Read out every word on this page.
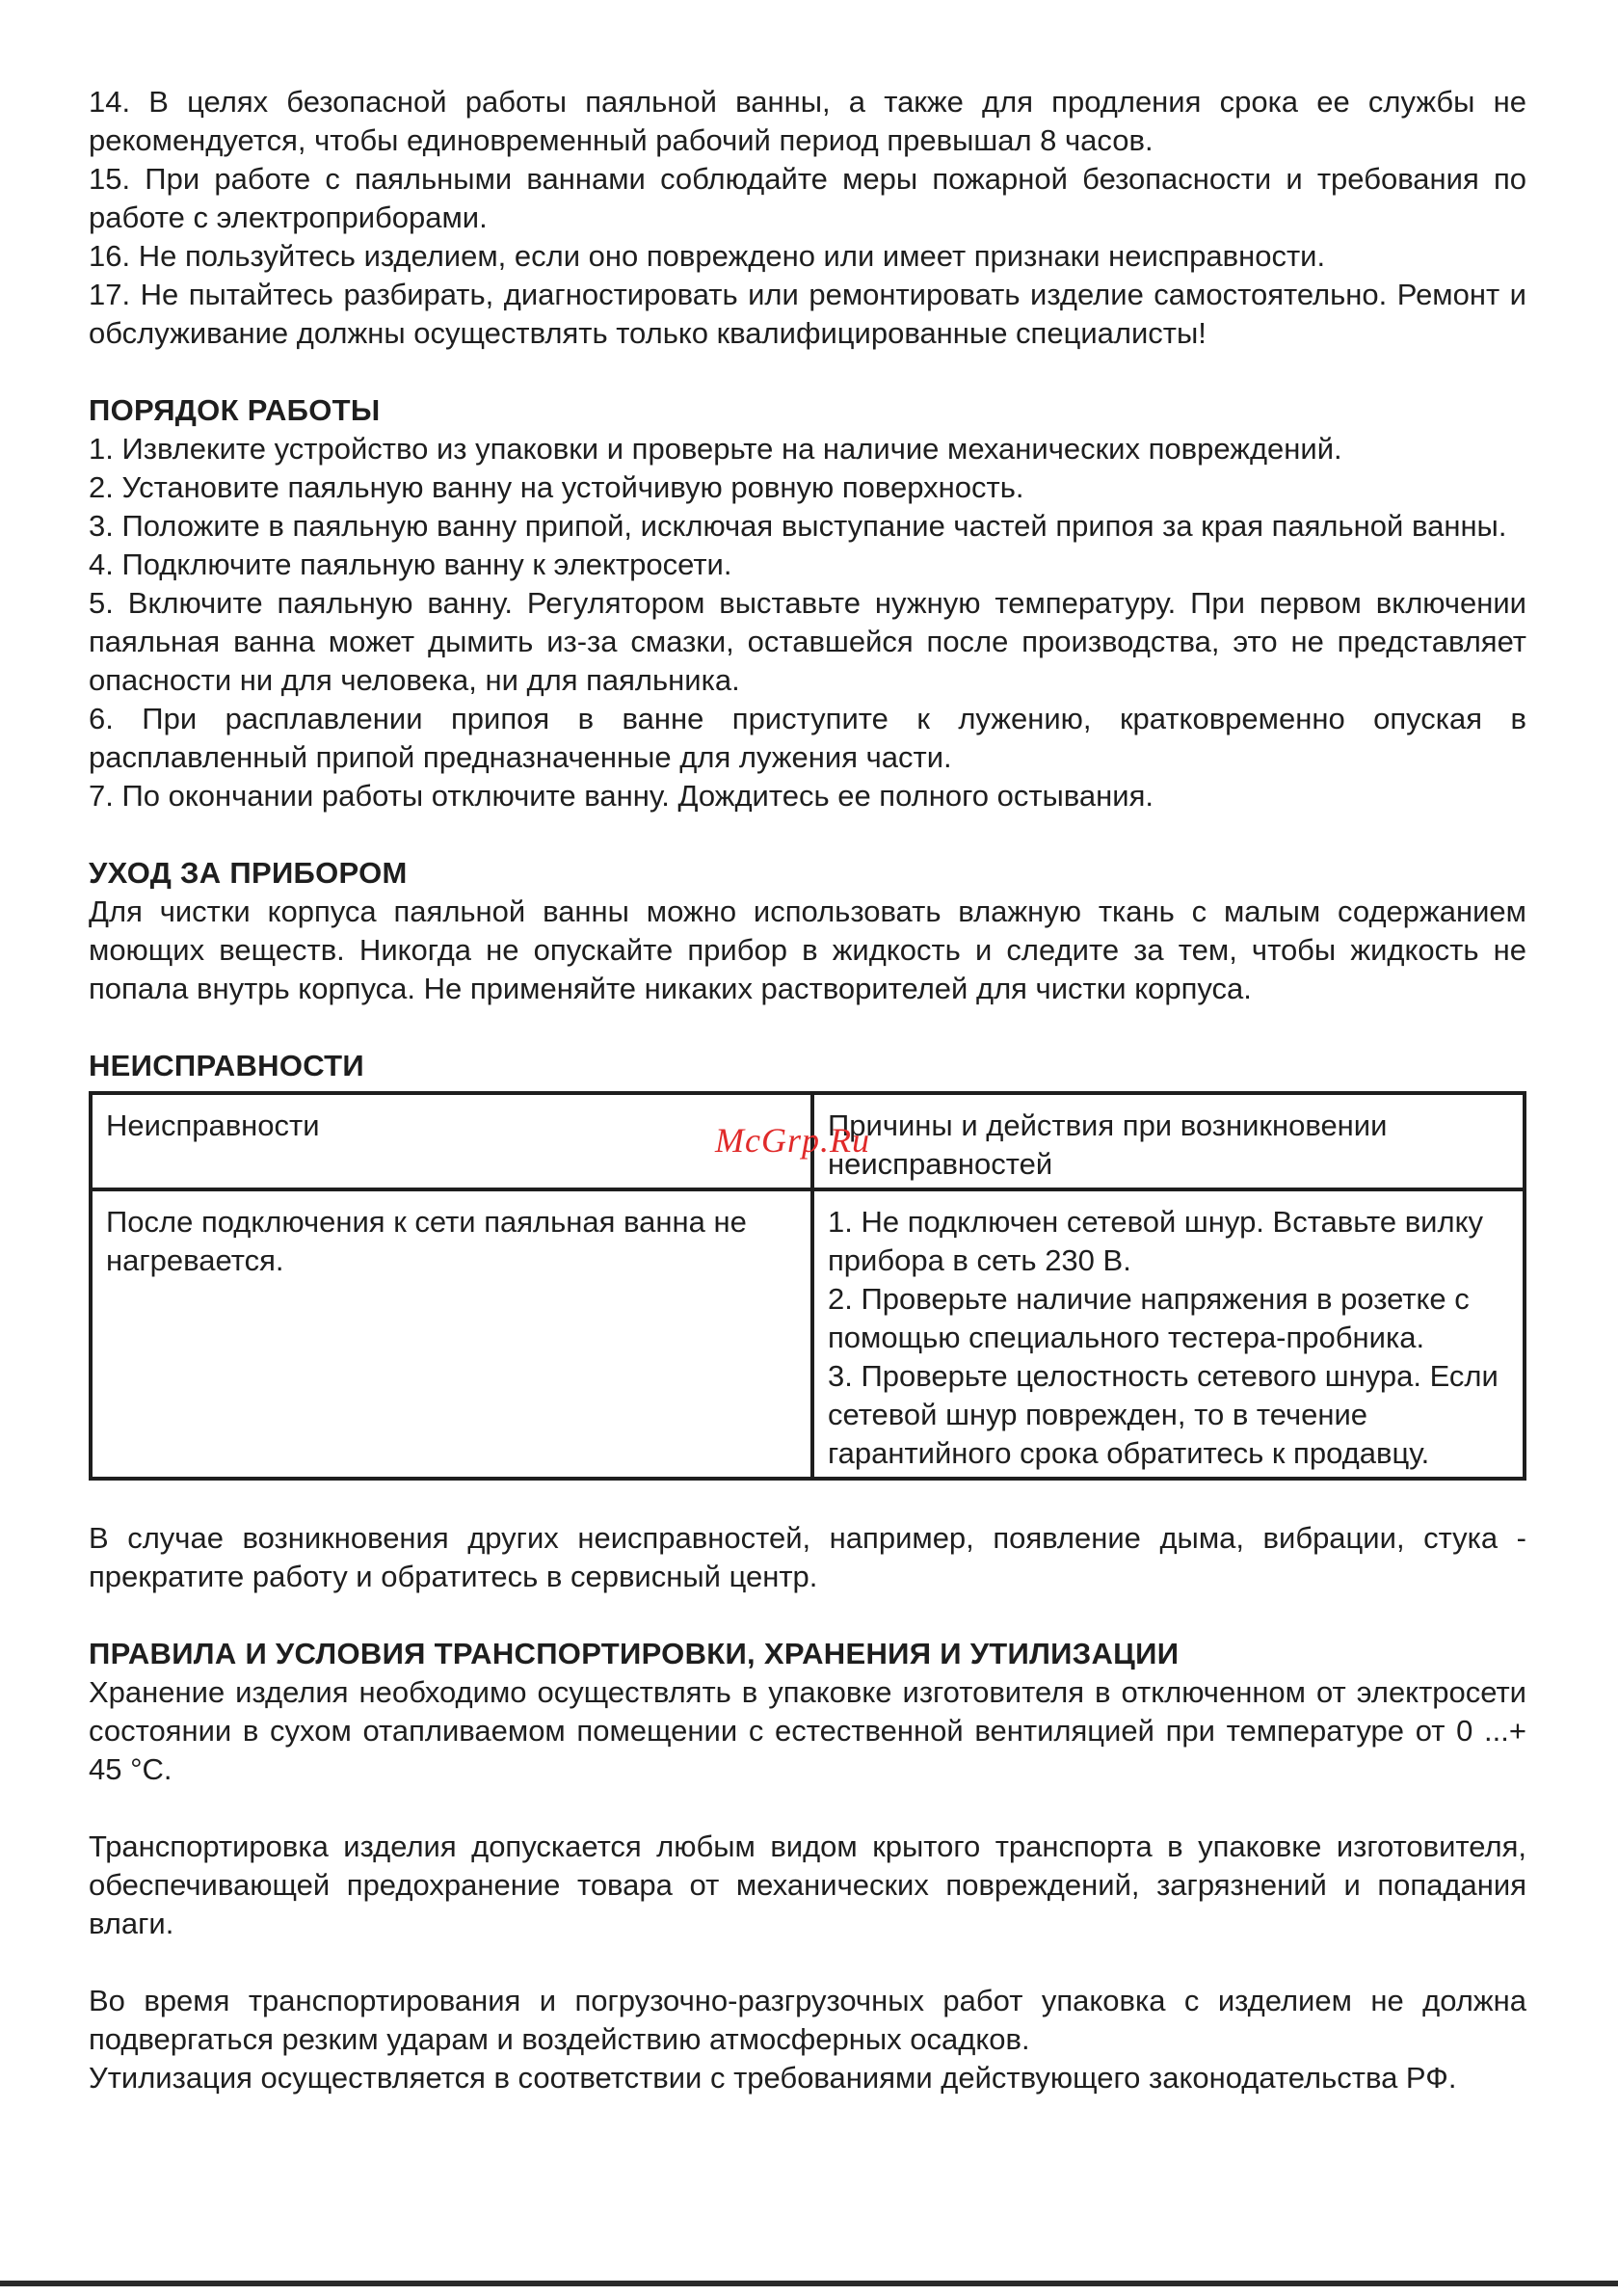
14. В целях безопасной работы паяльной ванны, а также для продления срока ее службы не рекомендуется, чтобы единовременный рабочий период превышал 8 часов.

15. При работе с паяльными ваннами соблюдайте меры пожарной безопасности и требования по работе с электроприборами.

16. Не пользуйтесь изделием, если оно повреждено или имеет признаки неисправности.

17. Не пытайтесь разбирать, диагностировать или ремонтировать изделие самостоятельно. Ремонт и обслуживание должны осуществлять только квалифицированные специалисты!

ПОРЯДОК РАБОТЫ

1. Извлеките устройство из упаковки и проверьте на наличие механических повреждений.

2. Установите паяльную ванну на устойчивую ровную поверхность.

3. Положите в паяльную ванну припой, исключая выступание частей припоя за края паяльной ванны.

4. Подключите паяльную ванну к электросети.

5. Включите паяльную ванну. Регулятором выставьте нужную температуру. При первом включении паяльная ванна может дымить из-за смазки, оставшейся после производства, это не представляет опасности ни для человека, ни для паяльника.

6. При расплавлении припоя в ванне приступите к лужению, кратковременно опуская в расплавленный припой предназначенные для лужения части.

7. По окончании работы отключите ванну. Дождитесь ее полного остывания.

УХОД ЗА ПРИБОРОМ

Для чистки корпуса паяльной ванны можно использовать влажную ткань с малым содержанием моющих веществ. Никогда не опускайте прибор в жидкость и следите за тем, чтобы жидкость не попала внутрь корпуса. Не применяйте никаких растворителей для чистки корпуса.

НЕИСПРАВНОСТИ
Неисправности	Причины и действия при возникновении неисправностей
После подключения к сети паяльная ванна не нагревается.	1. Не подключен сетевой шнур. Вставьте вилку прибора в сеть 230 В.
2. Проверьте наличие напряжения в розетке с помощью специального тестера-пробника.
3. Проверьте целостность сетевого шнура. Если сетевой шнур поврежден, то в течение гарантийного срока обратитесь к продавцу.

В случае возникновения других неисправностей, например, появление дыма, вибрации, стука - прекратите работу и обратитесь в сервисный центр.

ПРАВИЛА И УСЛОВИЯ ТРАНСПОРТИРОВКИ, ХРАНЕНИЯ И УТИЛИЗАЦИИ

Хранение изделия необходимо осуществлять в упаковке изготовителя в отключенном от электросети состоянии в сухом отапливаемом помещении с естественной вентиляцией при температуре от 0 ...+ 45 °С.

Транспортировка изделия допускается любым видом крытого транспорта в упаковке изготовителя, обеспечивающей предохранение товара от механических повреждений, загрязнений и попадания влаги.

Во время транспортирования и погрузочно-разгрузочных работ упаковка с изделием не должна подвергаться резким ударам и воздействию атмосферных осадков.

Утилизация осуществляется в соответствии с требованиями действующего законодательства РФ.

McGrp.Ru
